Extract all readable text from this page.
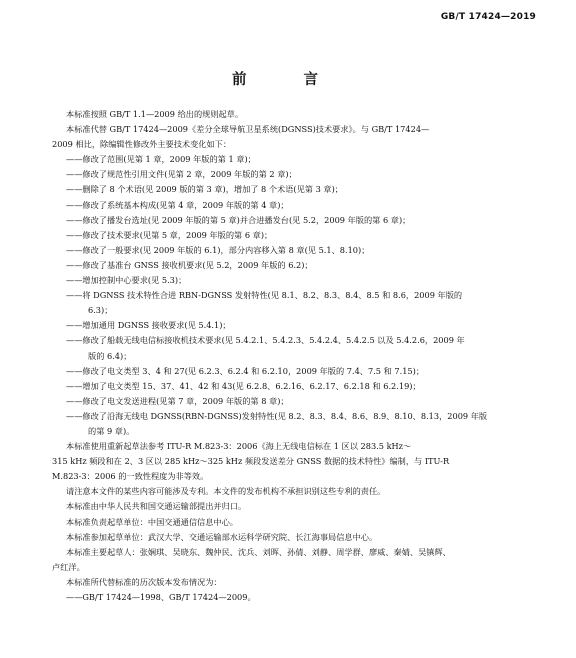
GB/T 17424—2019
前 言
本标准按照 GB/T 1.1—2009 给出的规则起草。
本标准代替 GB/T 17424—2009《差分全球导航卫星系统(DGNSS)技术要求》。与 GB/T 17424—
2009 相比，除编辑性修改外主要技术变化如下：
——修改了范围(见第 1 章，2009 年版的第 1 章)；
——修改了规范性引用文件(见第 2 章，2009 年版的第 2 章)；
——删除了 8 个术语(见 2009 版的第 3 章)，增加了 8 个术语(见第 3 章)；
——修改了系统基本构成(见第 4 章，2009 年版的第 4 章)；
——修改了播发台选址(见 2009 年版的第 5 章)并合进播发台(见 5.2，2009 年版的第 6 章)；
——修改了技术要求(见第 5 章，2009 年版的第 6 章)；
——修改了一般要求(见 2009 年版的 6.1)，部分内容移入第 8 章(见 5.1、8.10)；
——修改了基准台 GNSS 接收机要求(见 5.2，2009 年版的 6.2)；
——增加控制中心要求(见 5.3)；
——将 DGNSS 技术特性合进 RBN-DGNSS 发射特性(见 8.1、8.2、8.3、8.4、8.5 和 8.6，2009 年版的
6.3)；
——增加通用 DGNSS 接收要求(见 5.4.1)；
——修改了船载无线电信标接收机技术要求(见 5.4.2.1、5.4.2.3、5.4.2.4、5.4.2.5 以及 5.4.2.6，2009 年
版的 6.4)；
——修改了电文类型 3、4 和 27(见 6.2.3、6.2.4 和 6.2.10，2009 年版的 7.4、7.5 和 7.15)；
——增加了电文类型 15、37、41、42 和 43(见 6.2.8、6.2.16、6.2.17、6.2.18 和 6.2.19)；
——修改了电文发送进程(见第 7 章，2009 年版的第 8 章)；
——修改了沿海无线电 DGNSS(RBN-DGNSS)发射特性(见 8.2、8.3、8.4、8.6、8.9、8.10、8.13，2009 年版
的第 9 章)。
本标准使用重新起草法参考 ITU-R M.823-3：2006《海上无线电信标在 1 区以 283.5 kHz～
315 kHz 频段和在 2、3 区以 285 kHz～325 kHz 频段发送差分 GNSS 数据的技术特性》编制，与 ITU-R
M.823-3：2006 的一致性程度为非等效。
请注意本文件的某些内容可能涉及专利。本文件的发布机构不承担识别这些专利的责任。
本标准由中华人民共和国交通运输部提出并归口。
本标准负责起草单位：中国交通通信信息中心。
本标准参加起草单位：武汉大学、交通运输部水运科学研究院、长江海事局信息中心。
本标准主要起草人：张娴琪、吴晓东、魏仲民、沈兵、刘晖、孙倩、刘静、周学群、廖威、秦婧、吴镇辉、
卢红洋。
本标准所代替标准的历次版本发布情况为：
——GB/T 17424—1998、GB/T 17424—2009。
